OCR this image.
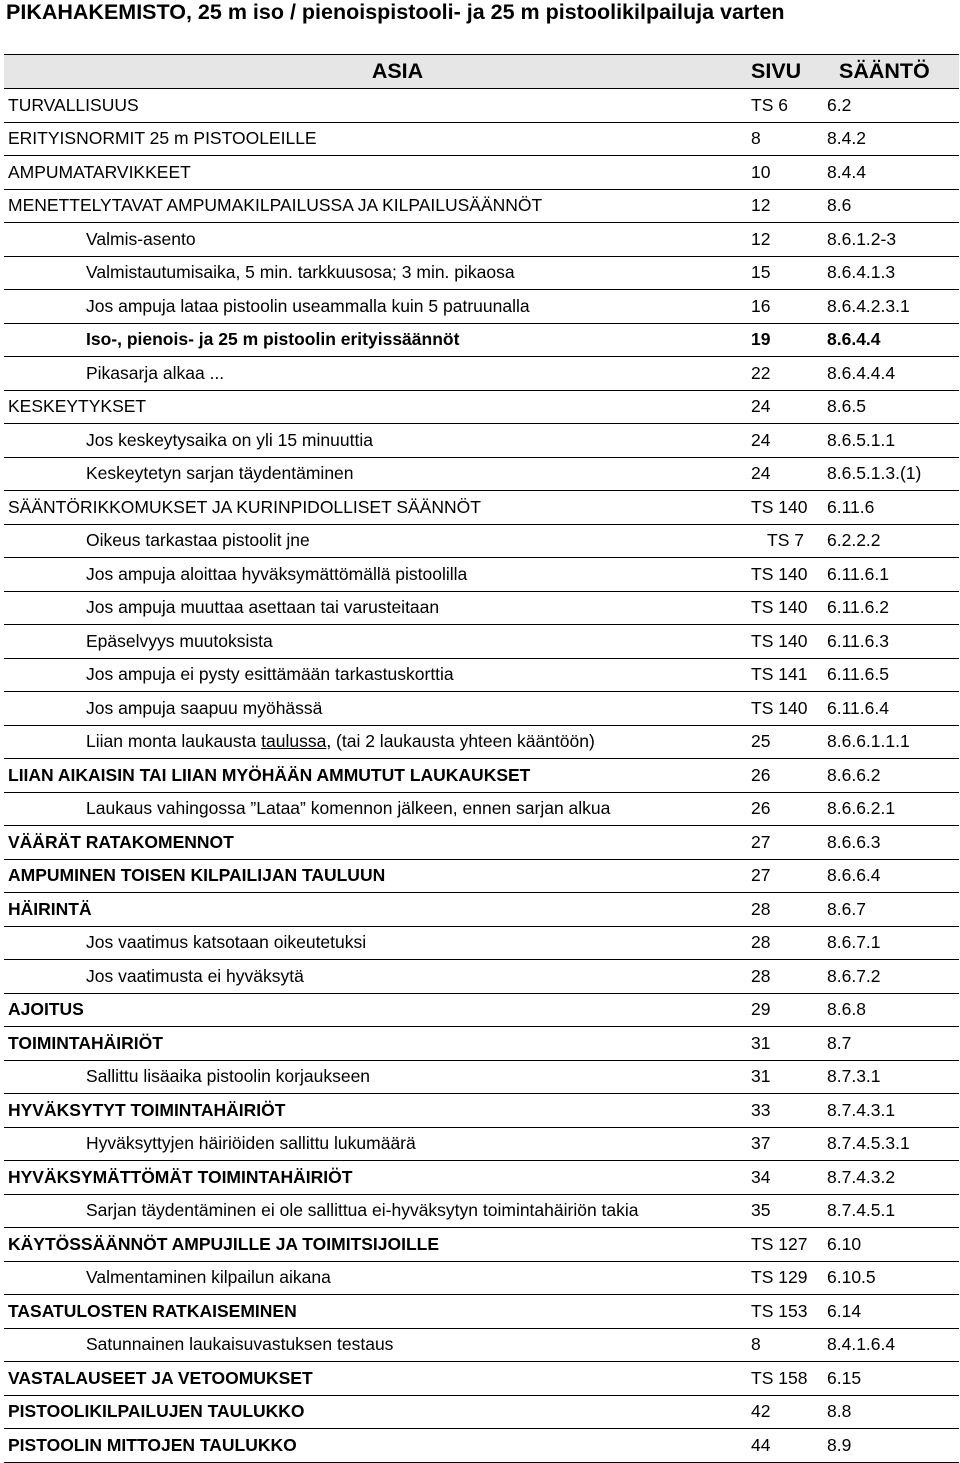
PIKAHAKEMISTO, 25 m iso / pienoispistooli- ja 25 m pistoolikilpailuja varten
ASIA	SIVU	SÄÄNTÖ
TURVALLISUUS	TS 6	6.2
ERITYISNORMIT 25 m PISTOOLEILLE	8	8.4.2
AMPUMATARVIKKEET	10	8.4.4
MENETTELYTAVAT AMPUMAKILPAILUSSA JA KILPAILUSÄÄNNÖT	12	8.6
Valmis-asento	12	8.6.1.2-3
Valmistautumisaika, 5 min. tarkkuusosa; 3 min. pikaosa	15	8.6.4.1.3
Jos ampuja lataa pistoolin useammalla kuin 5 patruunalla	16	8.6.4.2.3.1
Iso-, pienois- ja 25 m pistoolin erityissäännöt	19	8.6.4.4
Pikasarja alkaa ...	22	8.6.4.4.4
KESKEYTYKSET	24	8.6.5
Jos keskeytysaika on yli 15 minuuttia	24	8.6.5.1.1
Keskeytetyn sarjan täydentäminen	24	8.6.5.1.3.(1)
SÄÄNTÖRIKKOMUKSET JA KURINPIDOLLISET SÄÄNNÖT	TS 140	6.11.6
Oikeus tarkastaa pistoolit jne	TS 7	6.2.2.2
Jos ampuja aloittaa hyväksymättömällä pistoolilla	TS 140	6.11.6.1
Jos ampuja muuttaa asettaan tai varusteitaan	TS 140	6.11.6.2
Epäselvyys muutoksista	TS 140	6.11.6.3
Jos ampuja ei pysty esittämään tarkastuskorttia	TS 141	6.11.6.5
Jos ampuja saapuu myöhässä	TS 140	6.11.6.4
Liian monta laukausta taulussa, (tai 2 laukausta yhteen kääntöön)	25	8.6.6.1.1.1
LIIAN AIKAISIN TAI LIIAN MYÖHÄÄN AMMUTUT LAUKAUKSET	26	8.6.6.2
Laukaus vahingossa ”Lataa” komennon jälkeen, ennen sarjan alkua	26	8.6.6.2.1
VÄÄRÄT RATAKOMENNOT	27	8.6.6.3
AMPUMINEN TOISEN KILPAILIJAN TAULUUN	27	8.6.6.4
HÄIRINTÄ	28	8.6.7
Jos vaatimus katsotaan oikeutetuksi	28	8.6.7.1
Jos vaatimusta ei hyväksytä	28	8.6.7.2
AJOITUS	29	8.6.8
TOIMINTAHÄIRIÖT	31	8.7
Sallittu lisäaika pistoolin korjaukseen	31	8.7.3.1
HYVÄKSYTYT TOIMINTAHÄIRIÖT	33	8.7.4.3.1
Hyväksyttyjen häiriöiden sallittu lukumäärä	37	8.7.4.5.3.1
HYVÄKSYMÄTTÖMÄT TOIMINTAHÄIRIÖT	34	8.7.4.3.2
Sarjan täydentäminen ei ole sallittua ei-hyväksytyn toimintahäiriön takia	35	8.7.4.5.1
KÄYTÖSSÄÄNNÖT AMPUJILLE JA TOIMITSIJOILLE	TS 127	6.10
Valmentaminen kilpailun aikana	TS 129	6.10.5
TASATULOSTEN RATKAISEMINEN	TS 153	6.14
Satunnainen laukaisuvastuksen testaus	8	8.4.1.6.4
VASTALAUSEET JA VETOOMUKSET	TS 158	6.15
PISTOOLIKILPAILUJEN TAULUKKO	42	8.8
PISTOOLIN MITTOJEN TAULUKKO	44	8.9
